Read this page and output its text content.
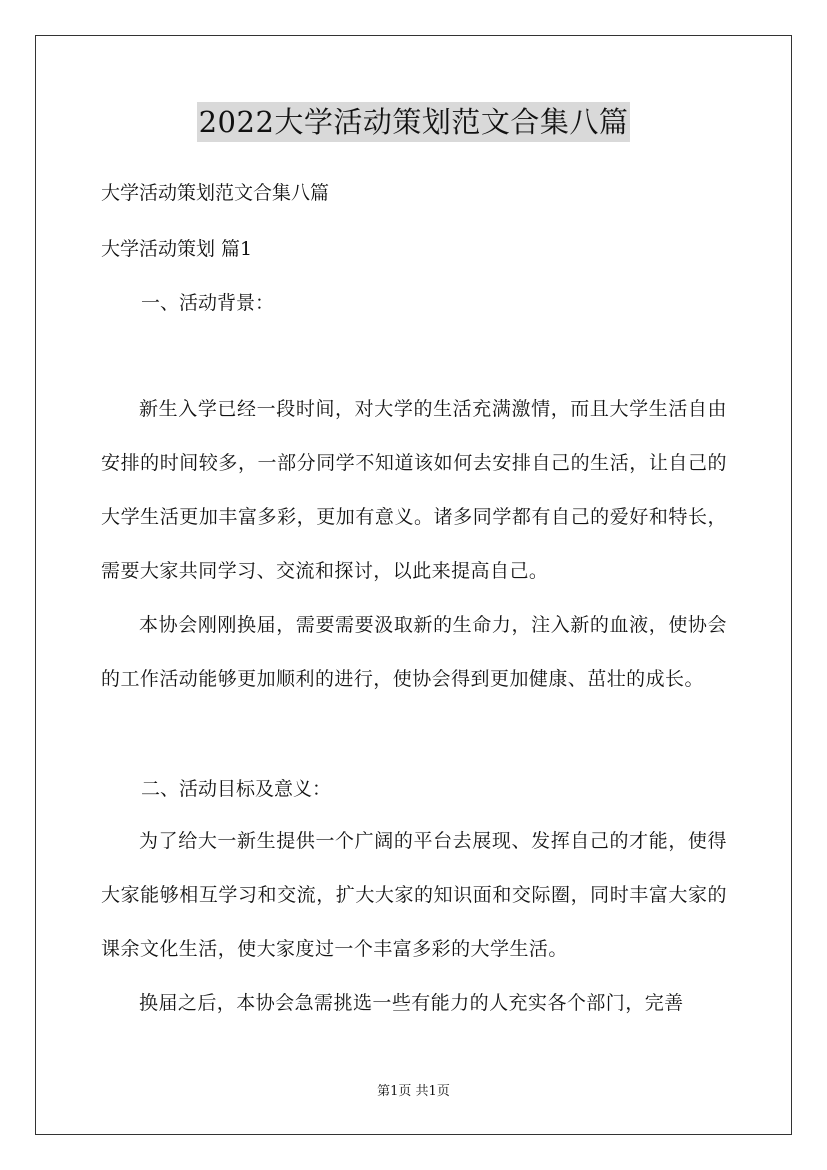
2022大学活动策划范文合集八篇
大学活动策划范文合集八篇
大学活动策划 篇1
一、活动背景：

新生入学已经一段时间，对大学的生活充满激情，而且大学生活自由安排的时间较多，一部分同学不知道该如何去安排自己的生活，让自己的大学生活更加丰富多彩，更加有意义。诸多同学都有自己的爱好和特长，需要大家共同学习、交流和探讨，以此来提高自己。

本协会刚刚换届，需要需要汲取新的生命力，注入新的血液，使协会的工作活动能够更加顺利的进行，使协会得到更加健康、茁壮的成长。

二、活动目标及意义：

为了给大一新生提供一个广阔的平台去展现、发挥自己的才能，使得大家能够相互学习和交流，扩大大家的知识面和交际圈，同时丰富大家的课余文化生活，使大家度过一个丰富多彩的大学生活。

换届之后，本协会急需挑选一些有能力的人充实各个部门，完善

第1页 共1页
